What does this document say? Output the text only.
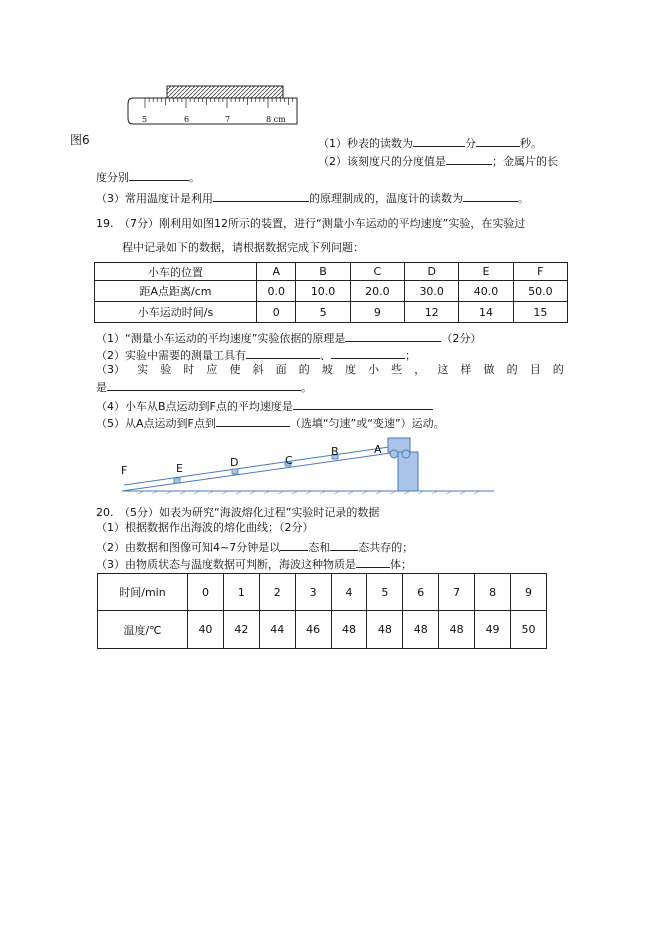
5	6	7	8 cm
图6	（1）秒表的读数为	分	秒。
（2）该刻度尺的分度值是	；金属片的长
度分别	。
（3）常用温度计是利用	的原理制成的，温度计的读数为	。
19.　（7分）刚利用如图12所示的装置，进行“测量小车运动的平均速度”实验，在实验过
程中记录如下的数据，请根据数据完成下列问题：
小车的位置	A	B	C	D	E	F
距A点距离/cm	0.0	10.0	20.0	30.0	40.0	50.0
小车运动时间/s	0	5	9	12	14	15
（1）“测量小车运动的平均速度”实验依据的原理是	（2分）
（2）实验中需要的测量工具有	、	；
（3） 实 验 时 应 使 斜 面 的 坡 度 小 些 ， 这 样 做 的 目 的
是	。
（4）小车从B点运动到F点的平均速度是
（5）从A点运动到F点到	（选填“匀速”或“变速”）运动。
F	E	D	C
B	A
20.　（5分）如表为研究“海波熔化过程”实验时记录的数据
（1）根据数据作出海波的熔化曲线；（2分）
（2）由数据和图像可知4~7分钟是以	态和	态共存的；
（3）由物质状态与温度数据可判断，海波这种物质是	体；
时间/min	0	1	2	3	4	5	6	7	8	9
温度/℃	40	42	44	46	48	48	48	48	49	50
